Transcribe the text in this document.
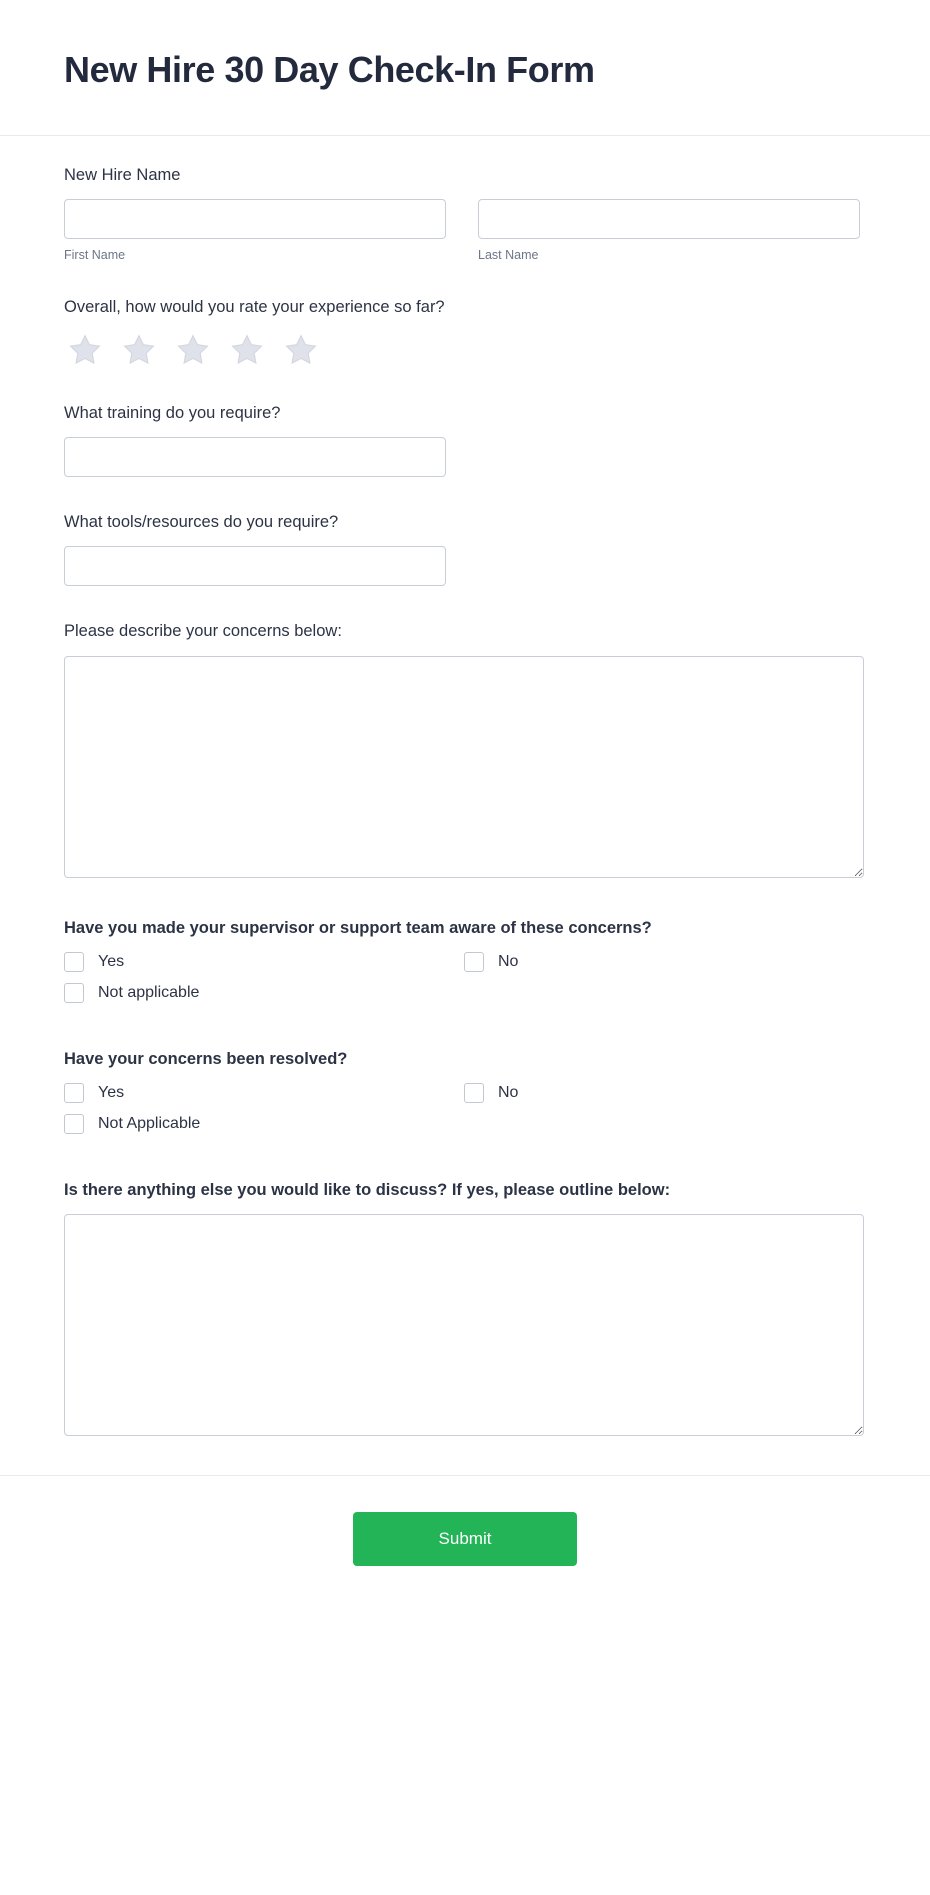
New Hire 30 Day Check-In Form
New Hire Name
First Name	Last Name
Overall, how would you rate your experience so far?
What training do you require?
What tools/resources do you require?
Please describe your concerns below:
Have you made your supervisor or support team aware of these concerns?
Yes	No
Not applicable
Have your concerns been resolved?
Yes	No
Not Applicable
Is there anything else you would like to discuss? If yes, please outline below:
Submit
